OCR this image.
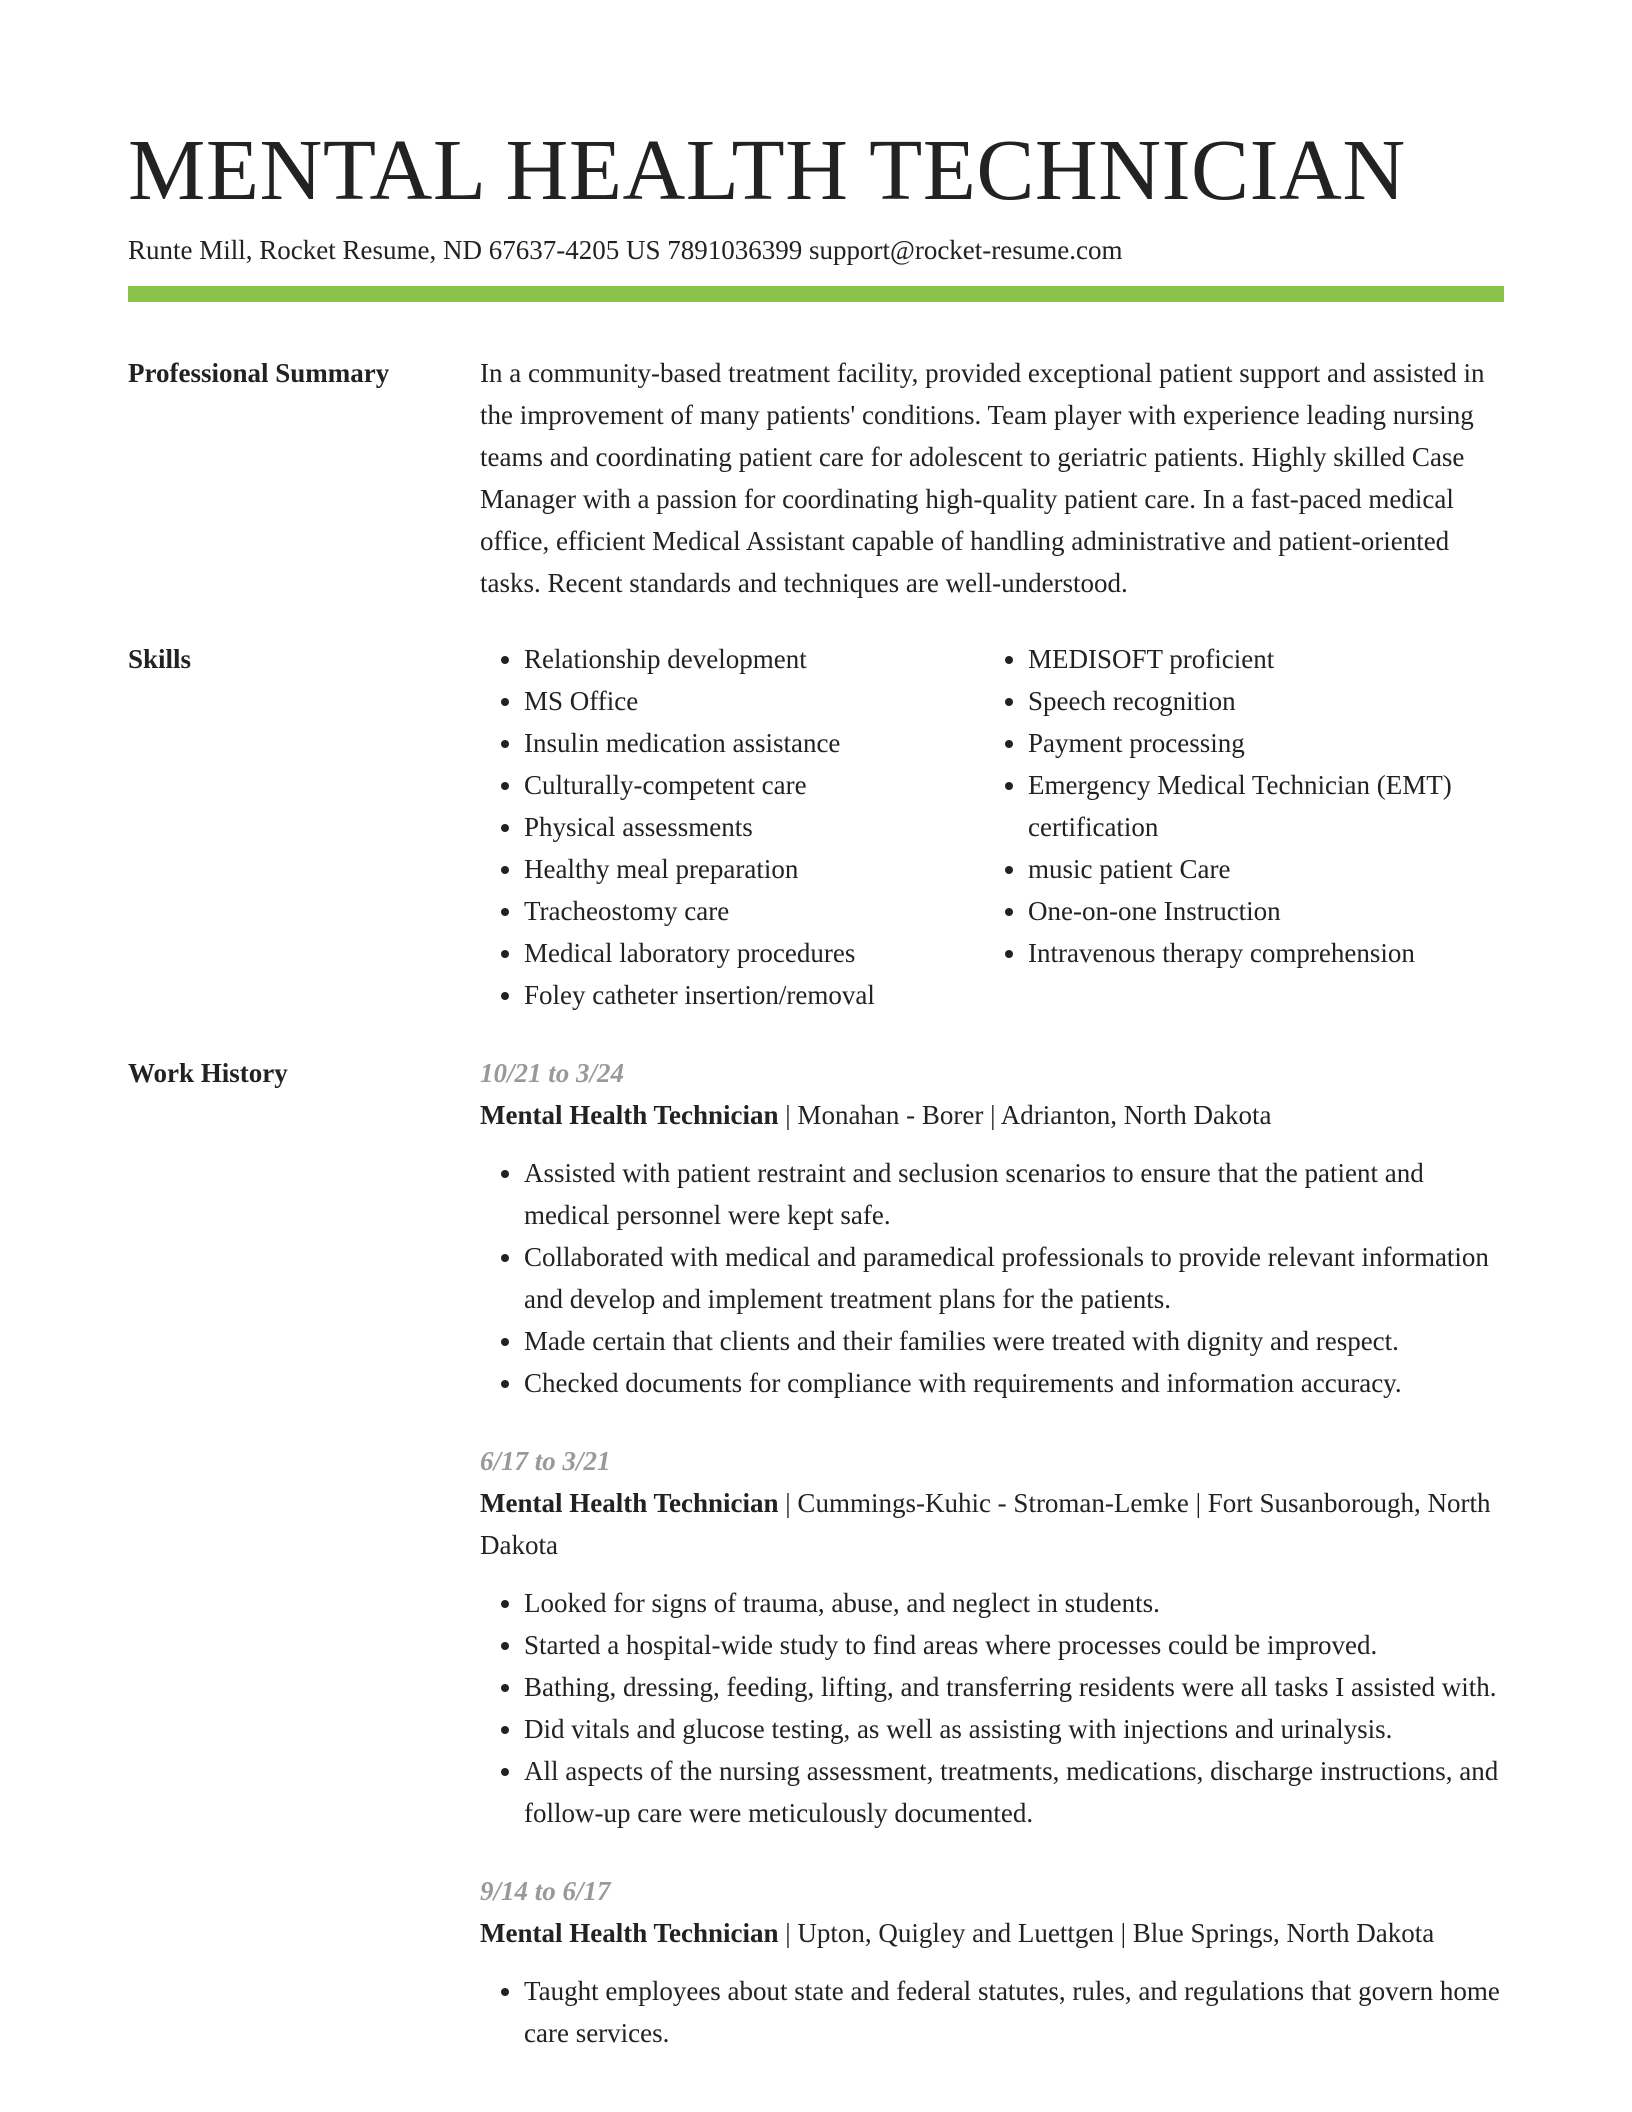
MENTAL HEALTH TECHNICIAN
Runte Mill, Rocket Resume, ND 67637-4205 US 7891036399 support@rocket-resume.com
Professional Summary	In a community-based treatment facility, provided exceptional patient support and assisted in the improvement of many patients' conditions. Team player with experience leading nursing teams and coordinating patient care for adolescent to geriatric patients. Highly skilled Case Manager with a passion for coordinating high-quality patient care. In a fast-paced medical office, efficient Medical Assistant capable of handling administrative and patient-oriented tasks. Recent standards and techniques are well-understood.

Skills
•	Relationship development
• MS Office
• Insulin medication assistance
• Culturally-competent care
• Physical assessments
• Healthy meal preparation
• Tracheostomy care
• Medical laboratory procedures
• Foley catheter insertion/removal
• MEDISOFT proficient
• Speech recognition
• Payment processing
• Emergency Medical Technician (EMT) certification
• music patient Care
• One-on-one Instruction
• Intravenous therapy comprehension
Work History	10/21 to 3/24
Mental Health Technician | Monahan - Borer | Adrianton, North Dakota
• Assisted with patient restraint and seclusion scenarios to ensure that the patient and medical personnel were kept safe.
• Collaborated with medical and paramedical professionals to provide relevant information and develop and implement treatment plans for the patients.
• Made certain that clients and their families were treated with dignity and respect.
• Checked documents for compliance with requirements and information accuracy.
6/17 to 3/21
Mental Health Technician | Cummings-Kuhic - Stroman-Lemke | Fort Susanborough, North Dakota
• Looked for signs of trauma, abuse, and neglect in students.
• Started a hospital-wide study to find areas where processes could be improved.
• Bathing, dressing, feeding, lifting, and transferring residents were all tasks I assisted with.
• Did vitals and glucose testing, as well as assisting with injections and urinalysis.
• All aspects of the nursing assessment, treatments, medications, discharge instructions, and follow-up care were meticulously documented.
9/14 to 6/17
Mental Health Technician | Upton, Quigley and Luettgen | Blue Springs, North Dakota
• Taught employees about state and federal statutes, rules, and regulations that govern home care services.
